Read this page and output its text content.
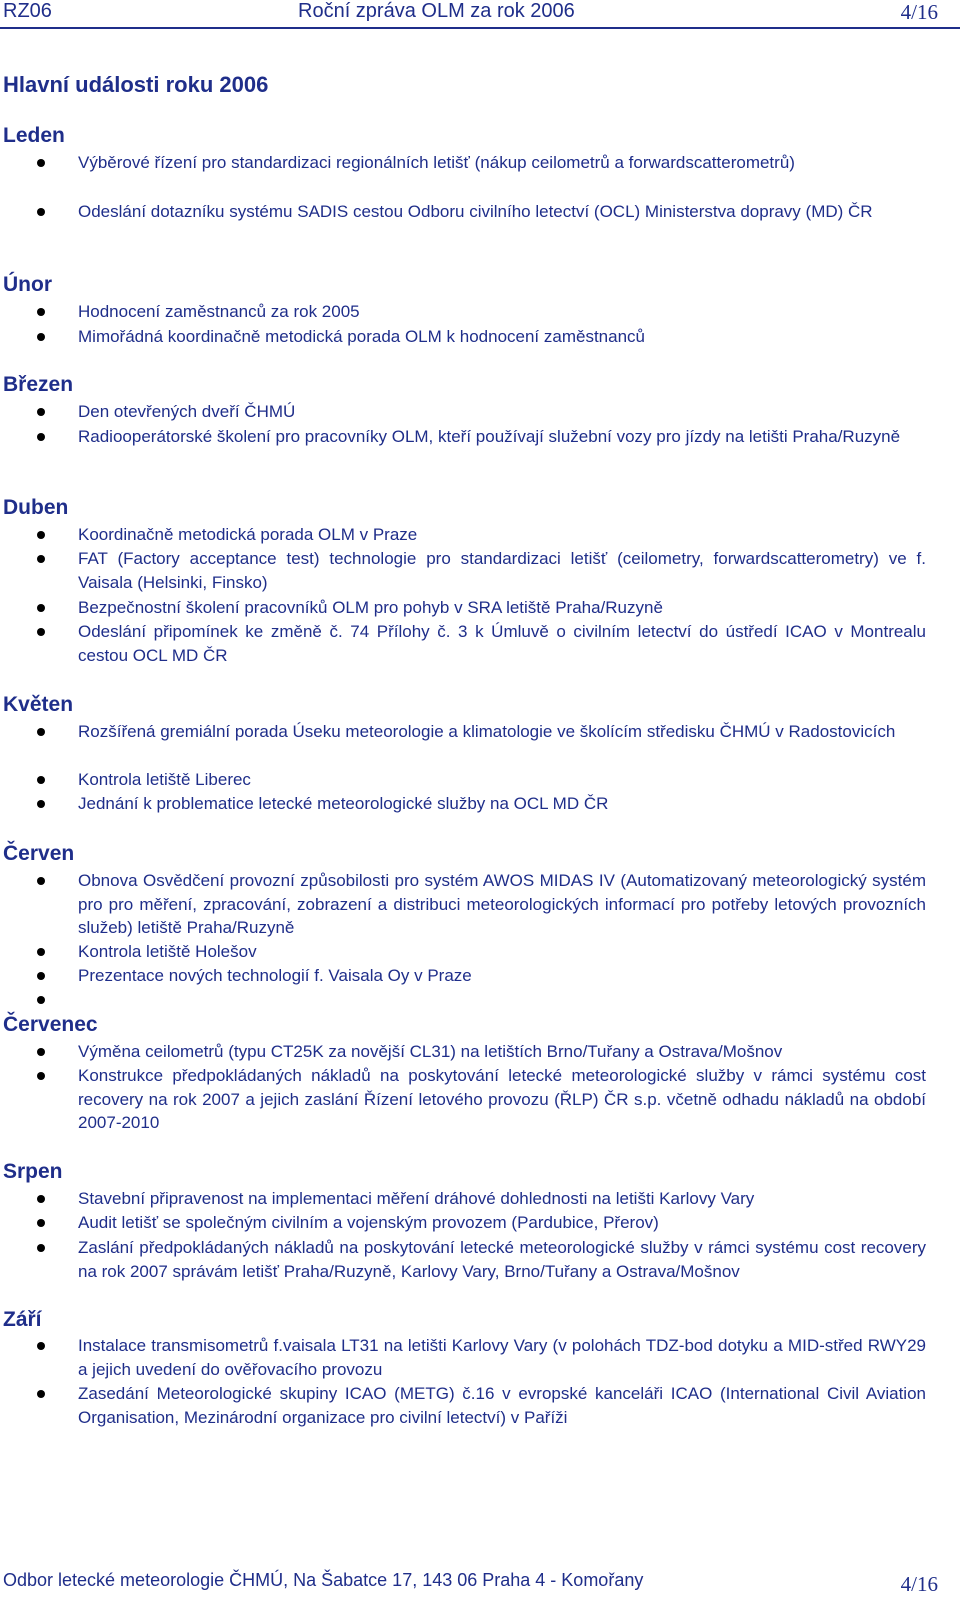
RZ06	Roční zpráva OLM za rok 2006	4/16
Hlavní události roku 2006
Leden
Výběrové řízení pro standardizaci regionálních letišť (nákup ceilometrů a forwardscatterometrů)
Odeslání dotazníku systému SADIS cestou Odboru civilního letectví (OCL) Ministerstva dopravy (MD) ČR
Únor
Hodnocení zaměstnanců za rok 2005
Mimořádná koordinačně metodická porada OLM k hodnocení zaměstnanců
Březen
Den otevřených dveří ČHMÚ
Radiooperátorské školení pro pracovníky OLM, kteří používají služební vozy pro jízdy na letišti Praha/Ruzyně
Duben
Koordinačně metodická porada OLM v Praze
FAT (Factory acceptance test) technologie pro standardizaci letišť (ceilometry, forwardscatterometry) ve f. Vaisala (Helsinki, Finsko)
Bezpečnostní školení pracovníků OLM pro pohyb v SRA letiště Praha/Ruzyně
Odeslání připomínek ke změně č. 74 Přílohy č. 3 k Úmluvě o civilním letectví do ústředí ICAO v Montrealu cestou OCL MD ČR
Květen
Rozšířená gremiální porada Úseku meteorologie a klimatologie ve školícím středisku ČHMÚ v Radostovicích
Kontrola letiště Liberec
Jednání k problematice letecké meteorologické služby na OCL MD ČR
Červen
Obnova Osvědčení provozní způsobilosti pro systém AWOS MIDAS IV (Automatizovaný meteorologický systém pro pro měření, zpracování, zobrazení a distribuci meteorologických informací pro potřeby letových provozních služeb) letiště Praha/Ruzyně
Kontrola letiště Holešov
Prezentace nových technologií f. Vaisala Oy v Praze
Červenec
Výměna ceilometrů (typu CT25K za novější CL31) na letištích Brno/Tuřany a Ostrava/Mošnov
Konstrukce předpokládaných nákladů na poskytování letecké meteorologické služby v rámci systému cost recovery na rok 2007 a jejich zaslání Řízení letového provozu (ŘLP) ČR s.p. včetně odhadu nákladů na období 2007-2010
Srpen
Stavební připravenost na implementaci měření dráhové dohlednosti na letišti Karlovy Vary
Audit letišť se společným civilním a vojenským provozem (Pardubice, Přerov)
Zaslání předpokládaných nákladů na poskytování letecké meteorologické služby v rámci systému cost recovery na rok 2007 správám letišť Praha/Ruzyně, Karlovy Vary, Brno/Tuřany a Ostrava/Mošnov
Září
Instalace transmisometrů f.vaisala LT31 na letišti Karlovy Vary (v polohách TDZ-bod dotyku a MID-střed RWY29 a jejich uvedení do ověřovacího provozu
Zasedání Meteorologické skupiny ICAO (METG) č.16 v evropské kanceláři ICAO (International Civil Aviation Organisation, Mezinárodní organizace pro civilní letectví) v Paříži
Odbor letecké meteorologie ČHMÚ, Na Šabatce 17, 143 06 Praha 4 - Komořany	4/16
